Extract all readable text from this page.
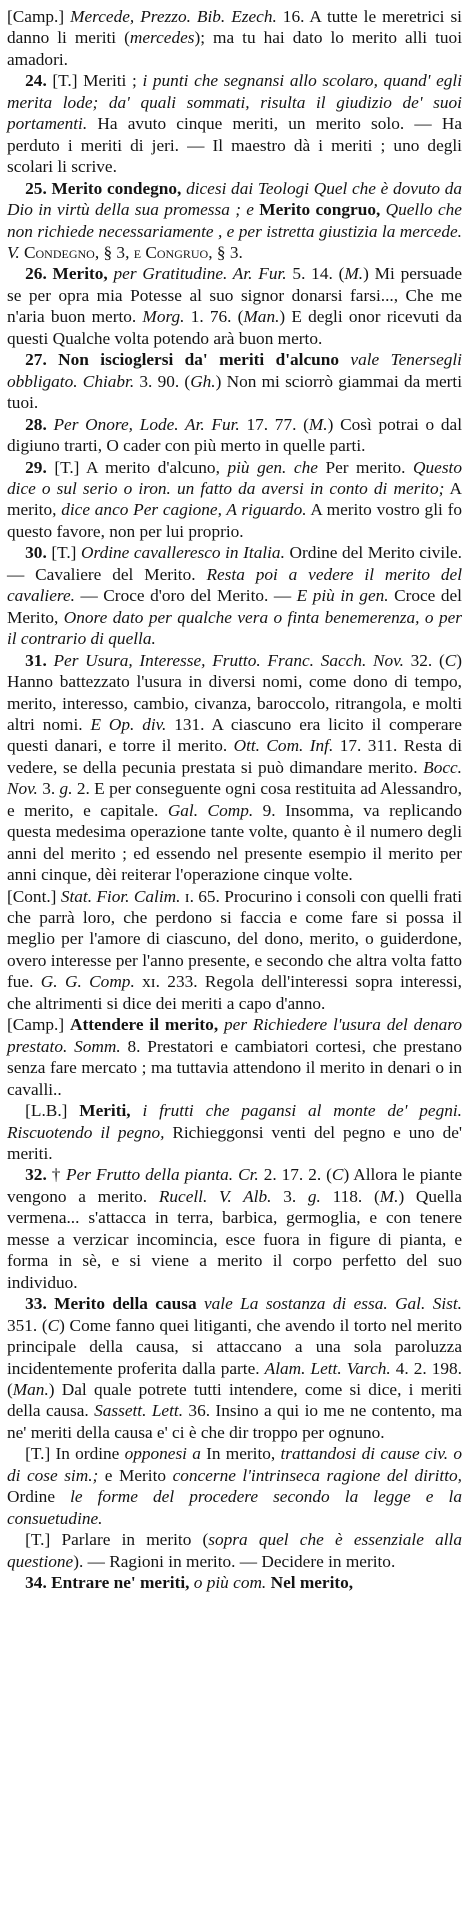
[Camp.] Mercede, Prezzo. Bib. Ezech. 16. A tutte le meretrici si danno li meriti (mercedes); ma tu hai dato lo merito alli tuoi amadori.

24. [T.] Meriti ; i punti che segnansi allo scolaro, quand' egli merita lode; da' quali sommati, risulta il giudizio de' suoi portamenti. Ha avuto cinque meriti, un merito solo. — Ha perduto i meriti di jeri. — Il maestro dà i meriti ; uno degli scolari li scrive.

25. Merito condegno, dicesi dai Teologi Quel che è dovuto da Dio in virtù della sua promessa ; e Merito congruo, Quello che non richiede necessariamente , e per istretta giustizia la mercede. V. Condegno, § 3, e Congruo, § 3.

26. Merito, per Gratitudine. Ar. Fur. 5. 14. (M.) Mi persuade se per opra mia Potesse al suo signor donarsi farsi..., Che me n'aria buon merto. Morg. 1. 76. (Man.) E degli onor ricevuti da questi Qualche volta potendo arà buon merto.

27. Non iscioglersi da' meriti d'alcuno vale Tenersegli obbligato. Chiabr. 3. 90. (Gh.) Non mi sciorrò giammai da merti tuoi.

28. Per Onore, Lode. Ar. Fur. 17. 77. (M.) Così potrai o dal digiuno trarti, O cader con più merto in quelle parti.

29. [T.] A merito d'alcuno, più gen. che Per merito. Questo dice o sul serio o iron. un fatto da aversi in conto di merito; A merito, dice anco Per cagione, A riguardo. A merito vostro gli fo questo favore, non per lui proprio.

30. [T.] Ordine cavalleresco in Italia. Ordine del Merito civile. — Cavaliere del Merito. Resta poi a vedere il merito del cavaliere. — Croce d'oro del Merito. — E più in gen. Croce del Merito, Onore dato per qualche vera o finta benemerenza, o per il contrario di quella.

31. Per Usura, Interesse, Frutto. Franc. Sacch. Nov. 32. (C) Hanno battezzato l'usura in diversi nomi, come dono di tempo, merito, interesso, cambio, civanza, baroccolo, ritrangola, e molti altri nomi. E Op. div. 131. A ciascuno era licito il comperare questi danari, e torre il merito. Ott. Com. Inf. 17. 311. Resta di vedere, se della pecunia prestata si può dimandare merito. Bocc. Nov. 3. g. 2. E per conseguente ogni cosa restituita ad Alessandro, e merito, e capitale. Gal. Comp. 9. Insomma, va replicando questa medesima operazione tante volte, quanto è il numero degli anni del merito ; ed essendo nel presente esempio il merito per anni cinque, dèi reiterar l'operazione cinque volte.

[Cont.] Stat. Fior. Calim. ɪ. 65. Procurino i consoli con quelli frati che parrà loro, che perdono si faccia e come fare si possa il meglio per l'amore di ciascuno, del dono, merito, o guiderdone, overo interesse per l'anno presente, e secondo che altra volta fatto fue. G. G. Comp. xɪ. 233. Regola dell'interessi sopra interessi, che altrimenti si dice dei meriti a capo d'anno.

[Camp.] Attendere il merito, per Richiedere l'usura del denaro prestato. Somm. 8. Prestatori e cambiatori cortesi, che prestano senza fare mercato ; ma tuttavia attendono il merito in denari o in cavalli..

[L.B.] Meriti, i frutti che pagansi al monte de' pegni. Riscuotendo il pegno, Richieggonsi venti del pegno e uno de' meriti.

32. † Per Frutto della pianta. Cr. 2. 17. 2. (C) Allora le piante vengono a merito. Rucell. V. Alb. 3. g. 118. (M.) Quella vermena... s'attacca in terra, barbica, germoglia, e con tenere messe a verzicar incomincia, esce fuora in figure di pianta, e forma in sè, e si viene a merito il corpo perfetto del suo individuo.

33. Merito della causa vale La sostanza di essa. Gal. Sist. 351. (C) Come fanno quei litiganti, che avendo il torto nel merito principale della causa, si attaccano a una sola paroluzza incidentemente proferita dalla parte. Alam. Lett. Varch. 4. 2. 198. (Man.) Dal quale potrete tutti intendere, come si dice, i meriti della causa. Sassett. Lett. 36. Insino a qui io me ne contento, ma ne' meriti della causa e' ci è che dir troppo per ognuno.

[T.] In ordine opponesi a In merito, trattandosi di cause civ. o di cose sim.; e Merito concerne l'intrinseca ragione del diritto, Ordine le forme del procedere secondo la legge e la consuetudine.

[T.] Parlare in merito (sopra quel che è essenziale alla questione). — Ragioni in merito. — Decidere in merito.

34. Entrare ne' meriti, o più com. Nel merito,
